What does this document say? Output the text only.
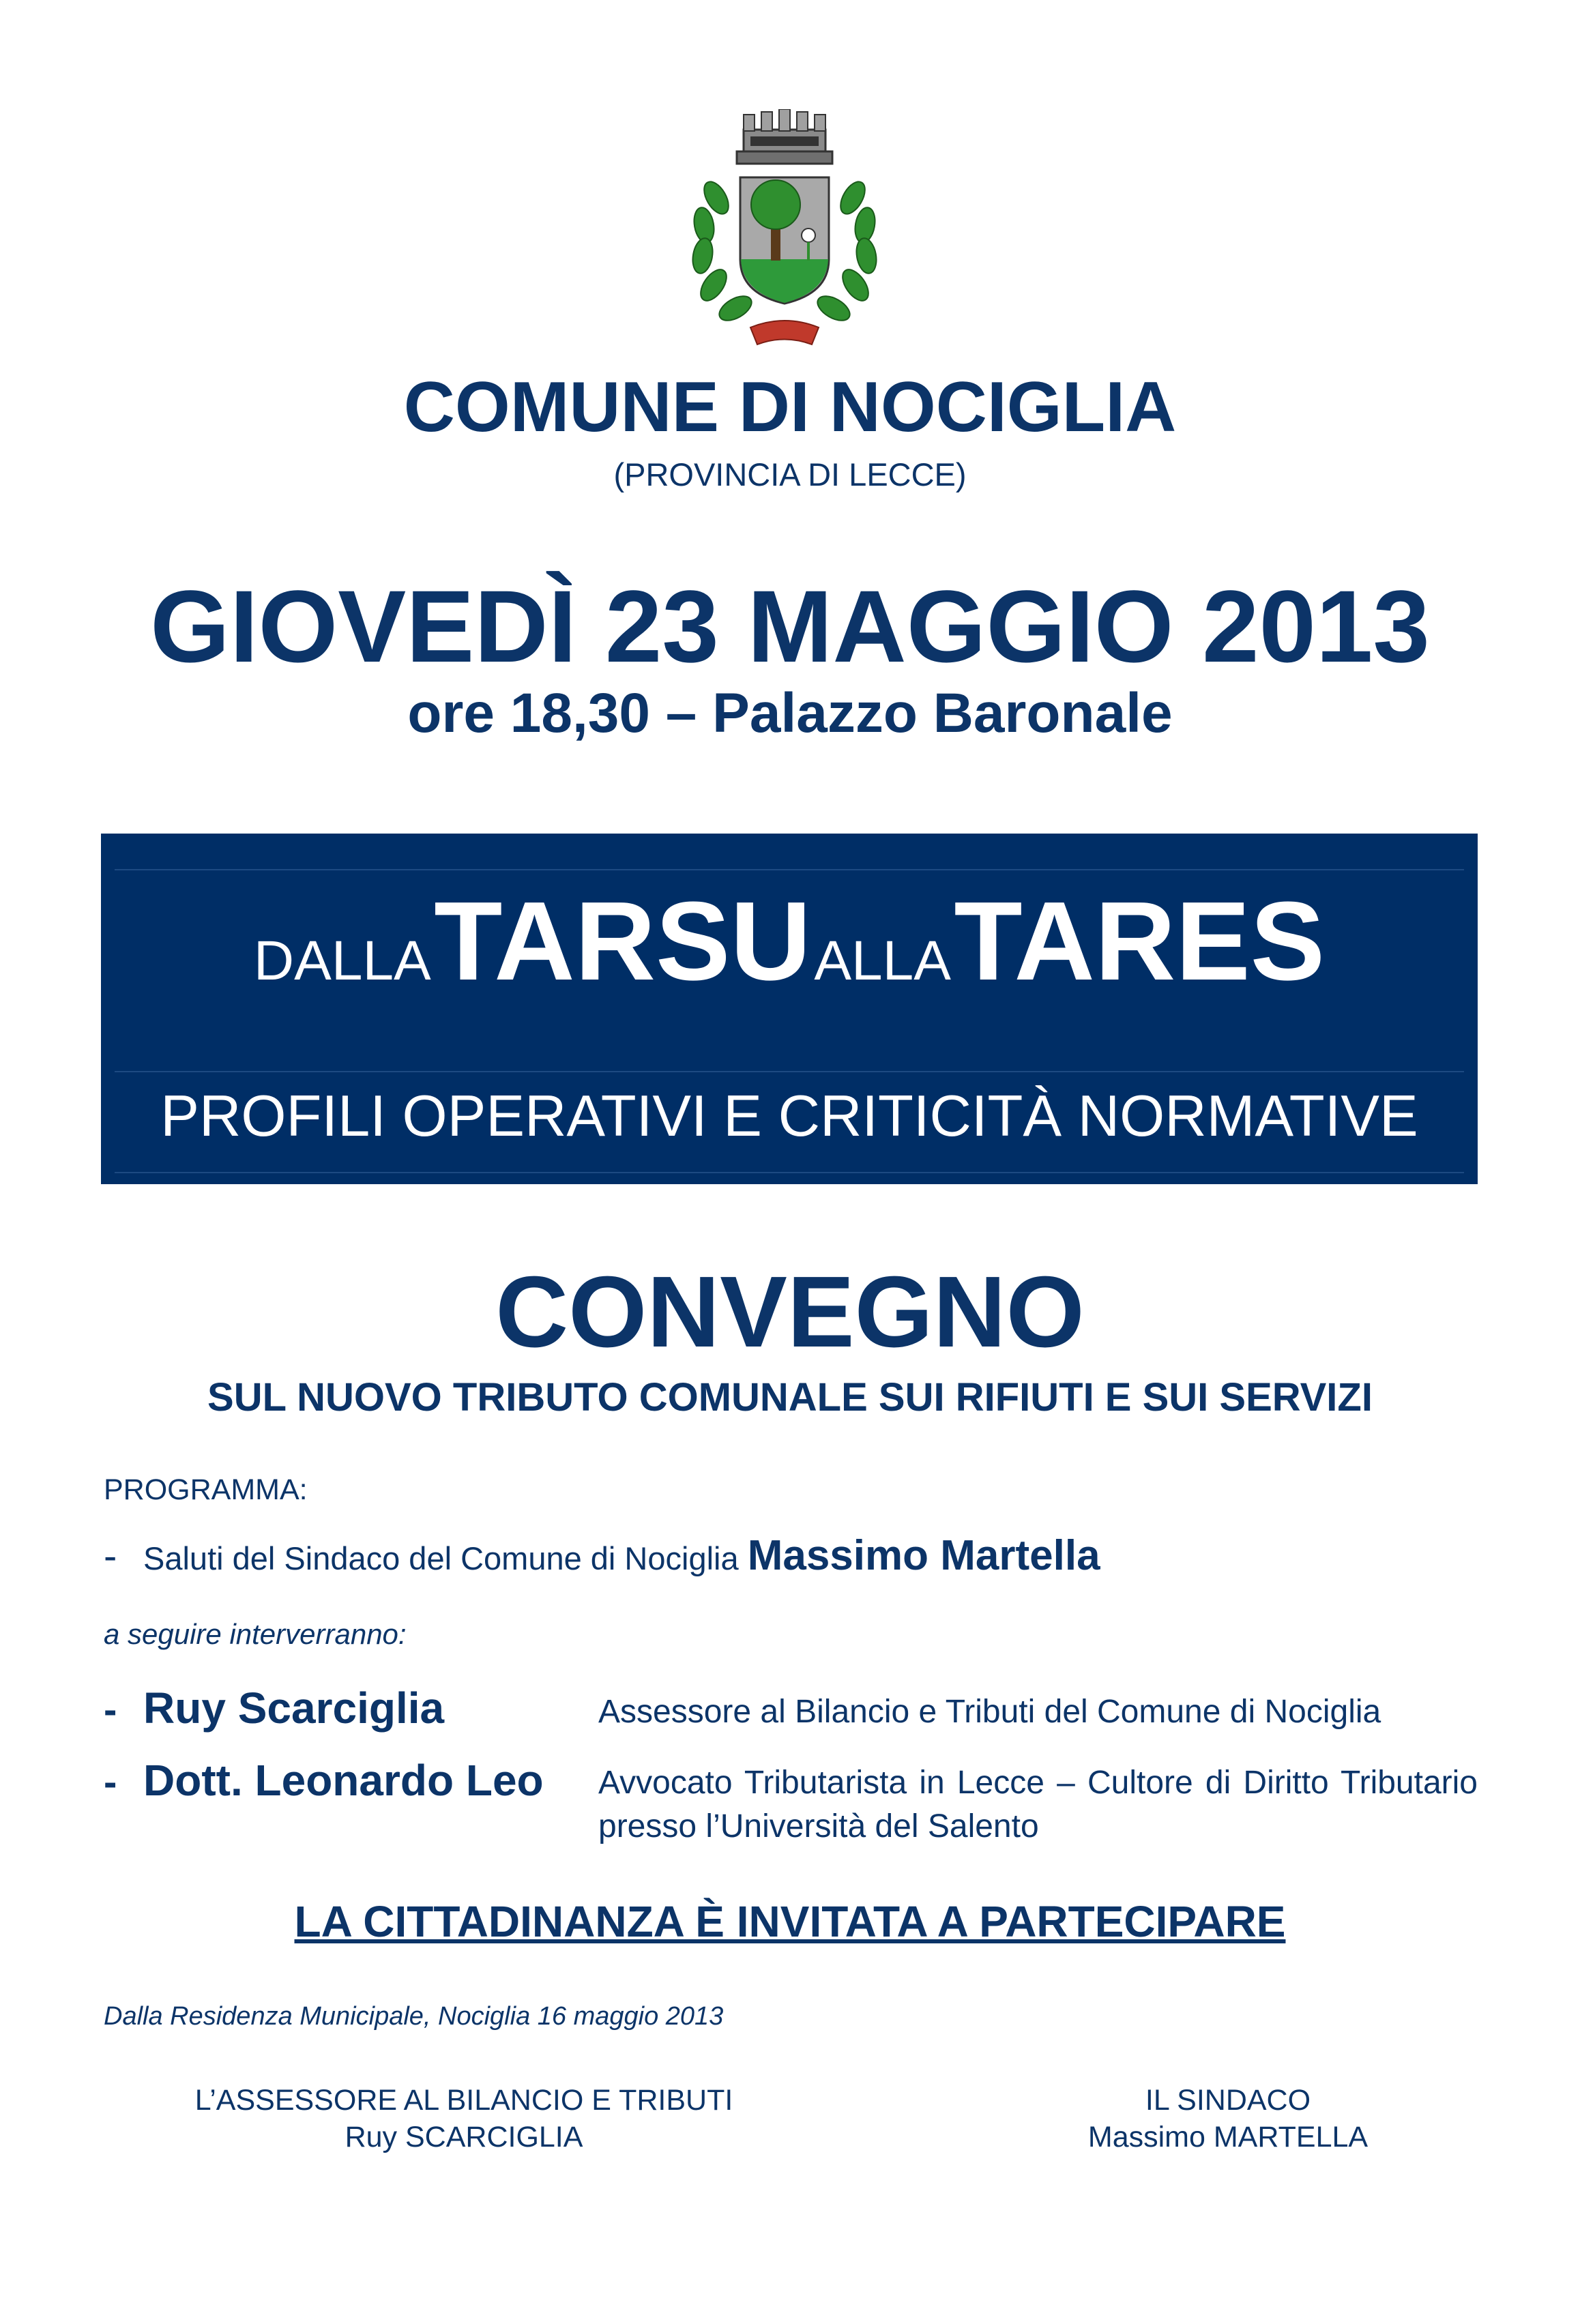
COMUNE DI NOCIGLIA
(PROVINCIA DI LECCE)
GIOVEDÌ 23 MAGGIO 2013
ore 18,30 – Palazzo Baronale
DALLA TARSU ALLA TARES
PROFILI OPERATIVI E CRITICITÀ NORMATIVE
CONVEGNO
SUL NUOVO TRIBUTO COMUNALE SUI RIFIUTI E SUI SERVIZI
PROGRAMMA:
- Saluti del Sindaco del Comune di Nociglia Massimo Martella
a seguire interverranno:
- Ruy Scarciglia	Assessore al Bilancio e Tributi del Comune di Nociglia
- Dott. Leonardo Leo Avvocato Tributarista in Lecce – Cultore di Diritto Tributario presso l’Università del Salento
LA CITTADINANZA È INVITATA A PARTECIPARE
Dalla Residenza Municipale, Nociglia 16 maggio 2013
L’ASSESSORE AL BILANCIO E TRIBUTI
Ruy SCARCIGLIA
IL SINDACO
Massimo MARTELLA
